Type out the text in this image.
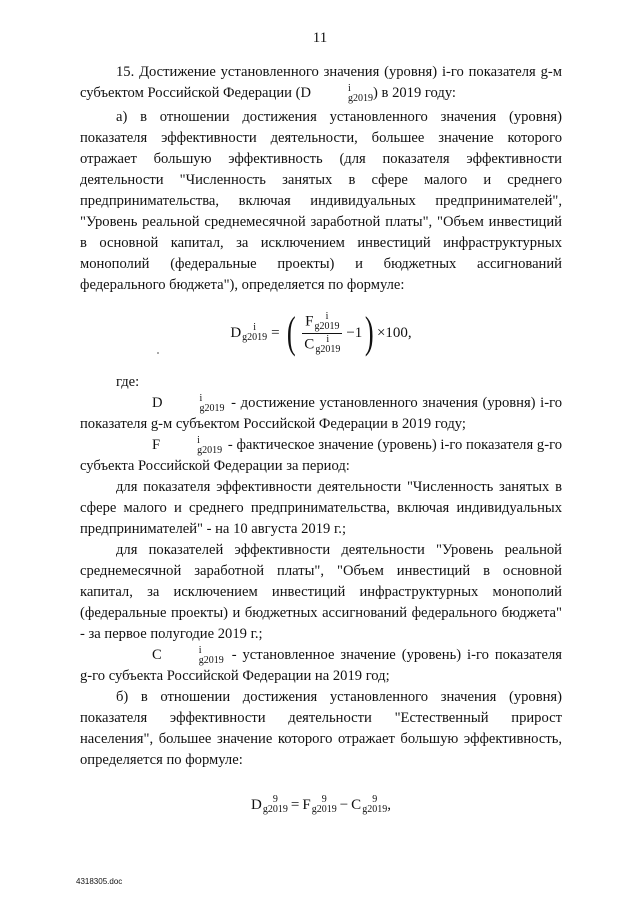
11

15. Достижение установленного значения (уровня) i-го показателя g-м субъектом Российской Федерации (D	i
g2019 ) в 2019 году:

а) в отношении достижения установленного значения (уровня) показателя эффективности деятельности, большее значение которого отражает большую эффективность (для показателя эффективности деятельности "Численность занятых в сфере малого и среднего предпринимательства, включая индивидуальных предпринимателей", "Уровень реальной среднемесячной заработной платы", "Объем инвестиций в основной капитал, за исключением инвестиций инфраструктурных монополий (федеральные проекты) и бюджетных ассигнований федерального бюджета"), определяется по формуле:

D	i
g2019 = ( F	i
g2019
C	i
g2019 −1 ) ×100,

где:

D	i
g2019 - достижение установленного значения (уровня) i-го показателя g-м субъектом Российской Федерации в 2019 году;

F	i
g2019 - фактическое значение (уровень) i-го показателя g-го субъекта Российской Федерации за период:

для показателя эффективности деятельности "Численность занятых в сфере малого и среднего предпринимательства, включая индивидуальных предпринимателей" - на 10 августа 2019 г.;

для показателей эффективности деятельности "Уровень реальной среднемесячной заработной платы", "Объем инвестиций в основной капитал, за исключением инвестиций инфраструктурных монополий (федеральные проекты) и бюджетных ассигнований федерального бюджета" - за первое полугодие 2019 г.;

C	i
g2019 - установленное значение (уровень) i-го показателя g-го субъекта Российской Федерации на 2019 год;

б) в отношении достижения установленного значения (уровня) показателя эффективности деятельности "Естественный прирост населения", большее значение которого отражает большую эффективность, определяется по формуле:

D	9
g2019 = F	9
g2019 − C	9
g2019 ,
4318305.doc
